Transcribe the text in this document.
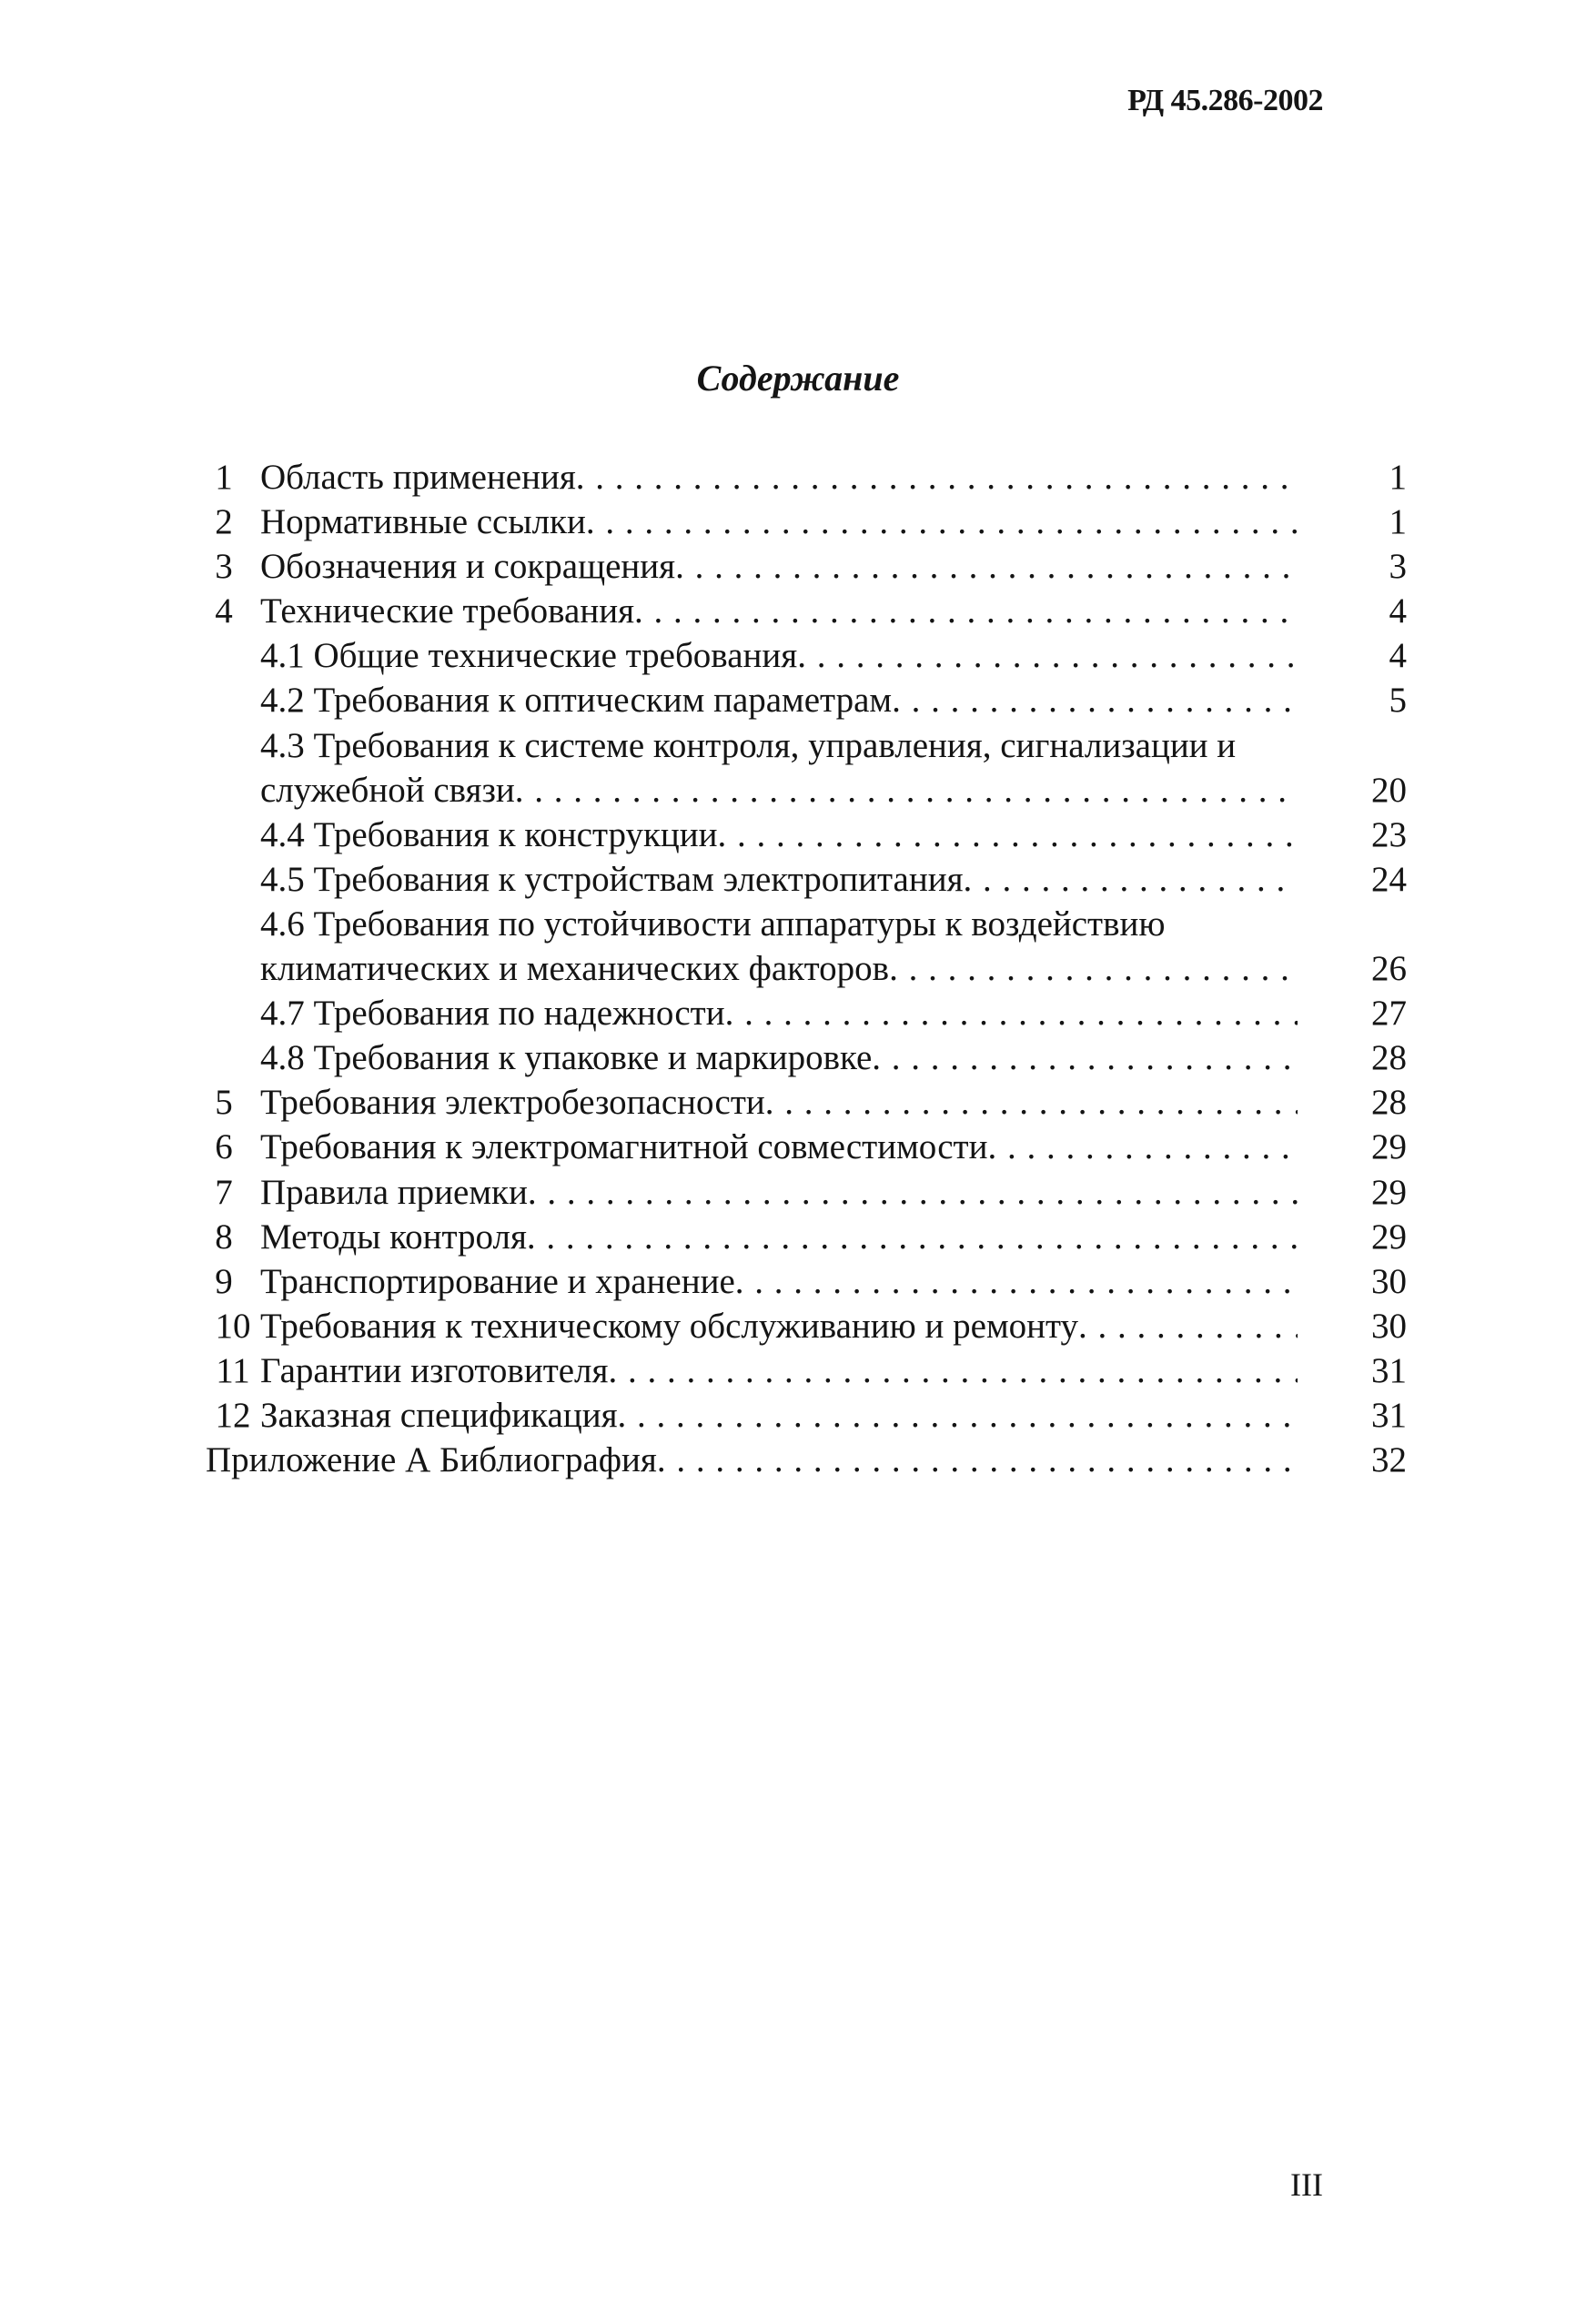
РД 45.286-2002
Содержание
1 Область применения . . .	1
2 Нормативные ссылки . . .	1
3 Обозначения и сокращения . . .	3
4 Технические требования . . .	4
4.1 Общие технические требования . . .	4
4.2 Требования к оптическим параметрам . . .	5
4.3 Требования к системе контроля, управления, сигнализации и
служебной связи . . .	20
4.4 Требования к конструкции . . .	23
4.5 Требования к устройствам электропитания . . .	24
4.6 Требования по устойчивости аппаратуры к воздействию
климатических и механических факторов . . .	26
4.7 Требования по надежности . . .	27
4.8 Требования к упаковке и маркировке . . .	28
5 Требования электробезопасности . . .	28
6 Требования к электромагнитной совместимости . . .	29
7 Правила приемки . . .	29
8 Методы контроля . . .	29
9 Транспортирование и хранение . . .	30
10 Требования к техническому обслуживанию и ремонту . . .	30
11 Гарантии изготовителя . . .	31
12 Заказная спецификация . . .	31
Приложение А Библиография . . .	32
III
